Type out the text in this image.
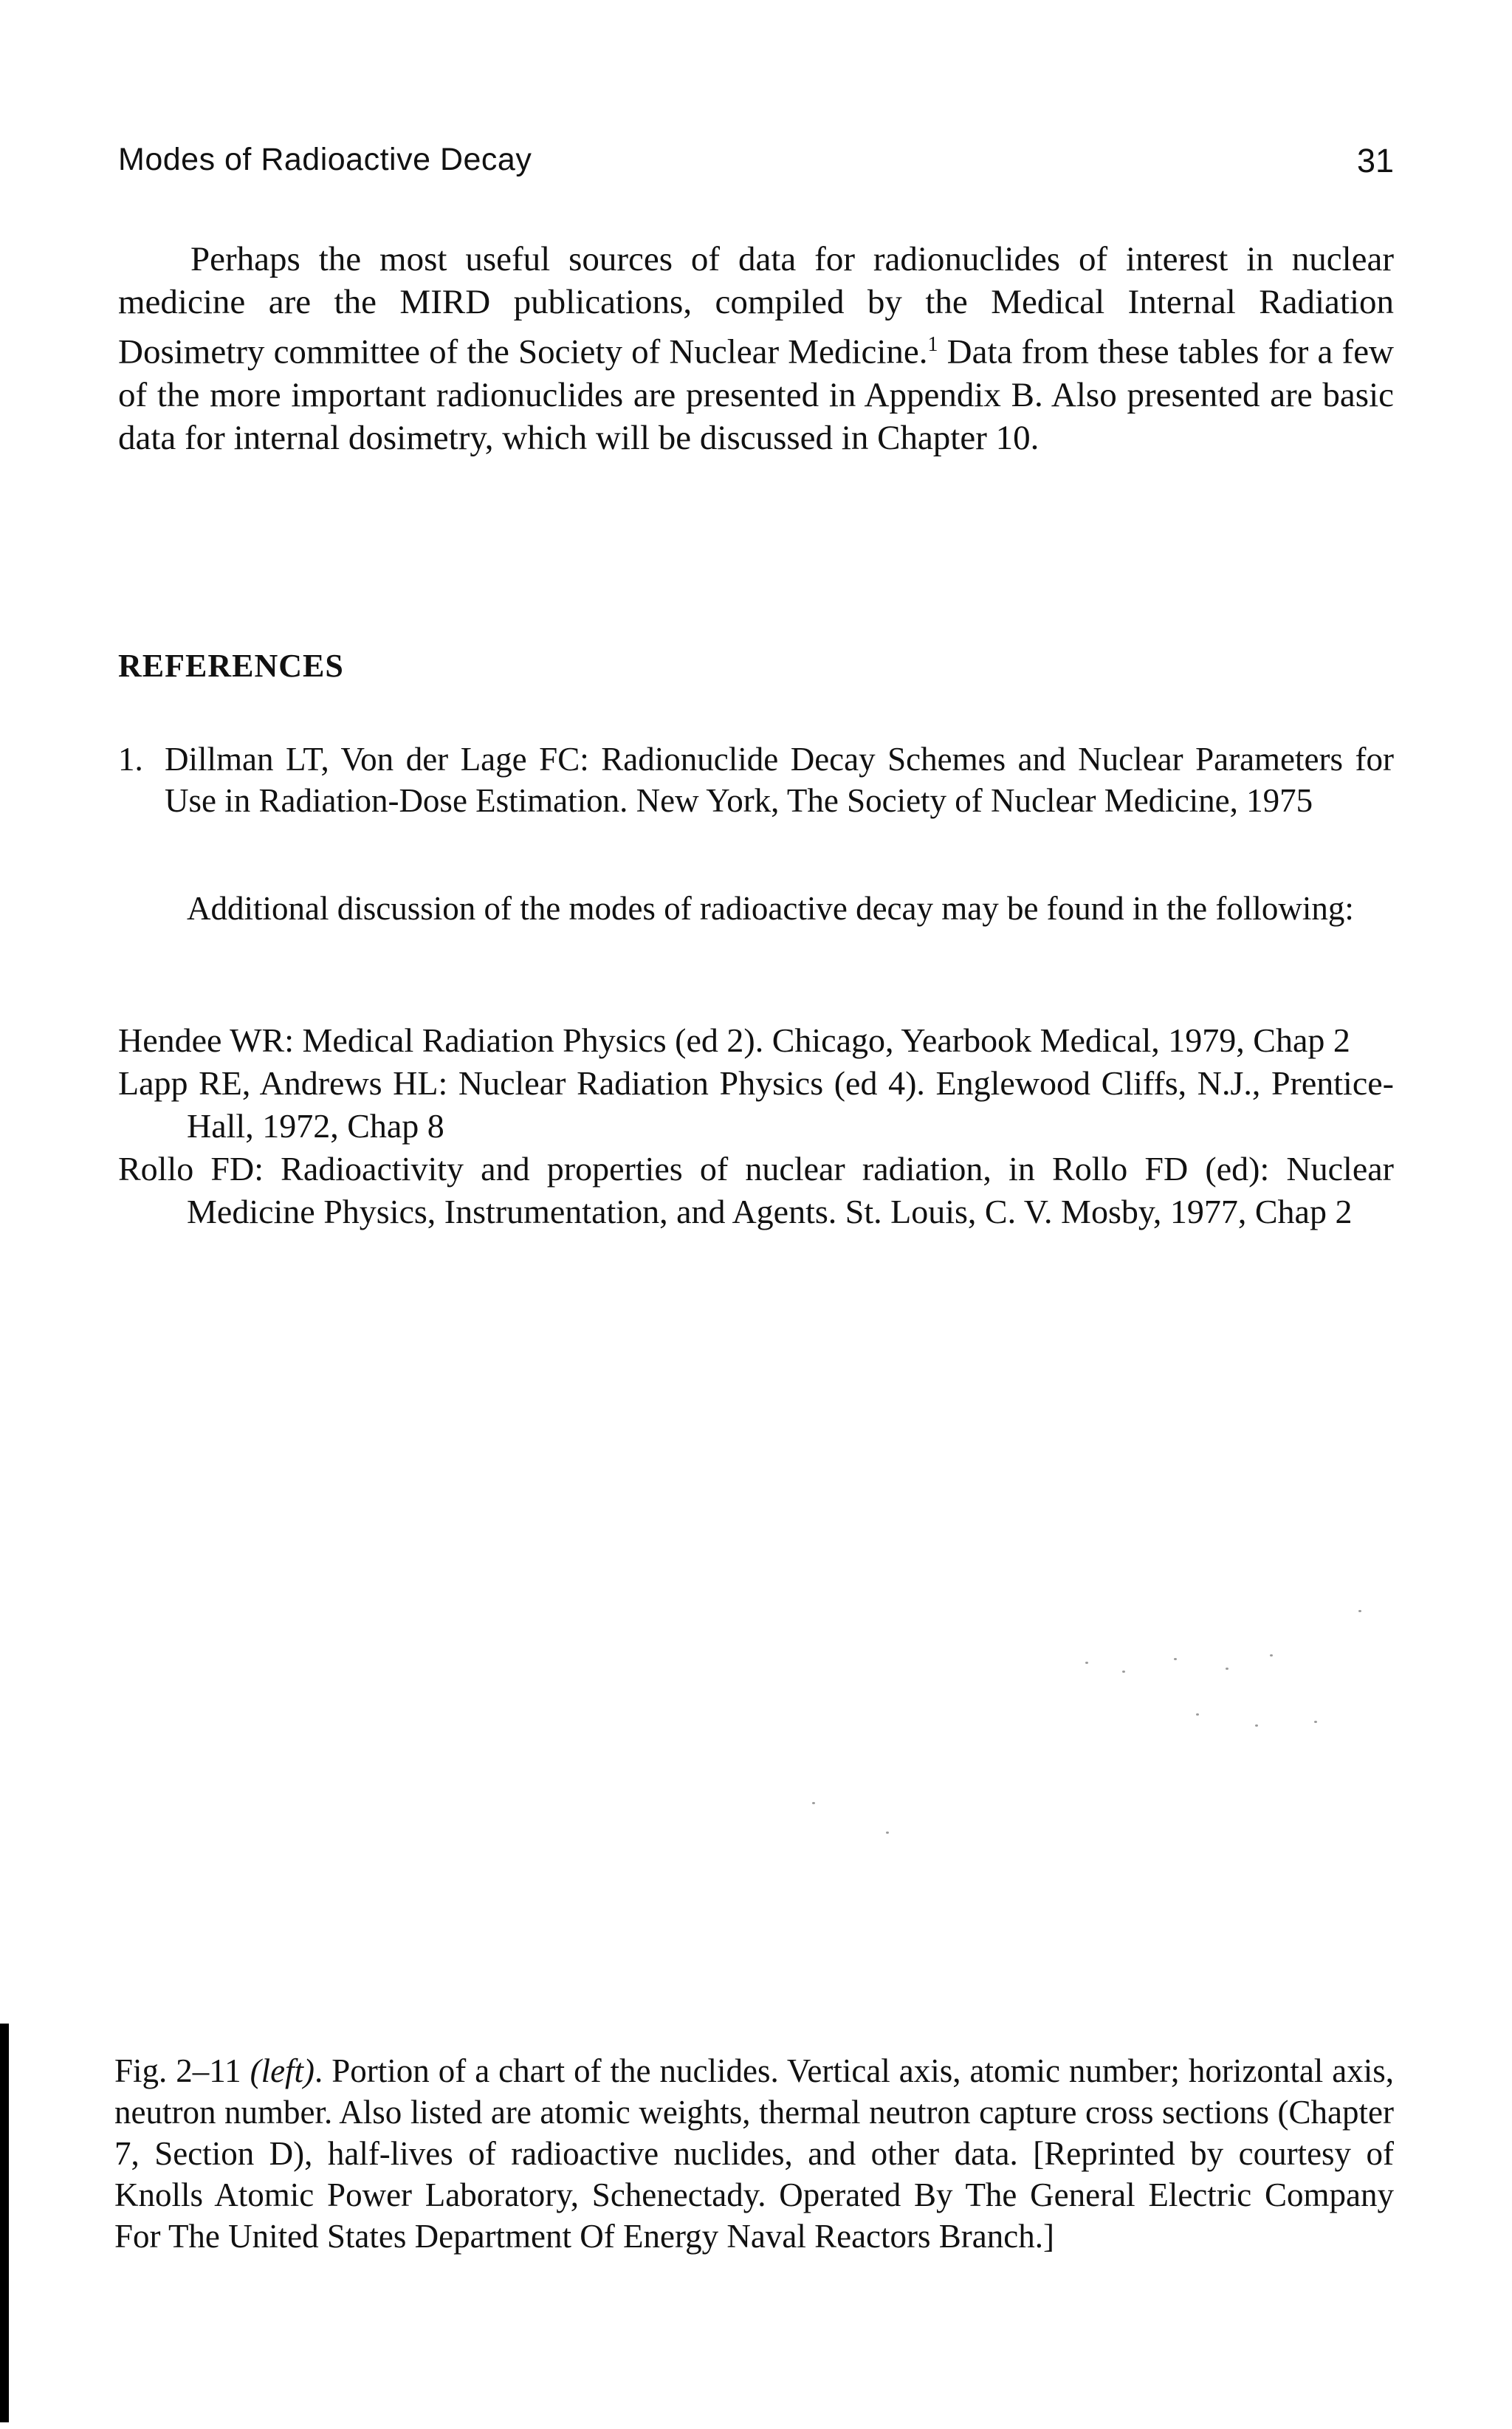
Modes of Radioactive Decay	31

Perhaps the most useful sources of data for radionuclides of interest in nuclear medicine are the MIRD publications, compiled by the Medical Internal Radiation Dosimetry committee of the Society of Nuclear Medicine.$^1$ Data from these tables for a few of the more important radionuclides are presented in Appendix B. Also presented are basic data for internal dosimetry, which will be discussed in Chapter 10.

REFERENCES
1. Dillman LT, Von der Lage FC: Radionuclide Decay Schemes and Nuclear Parameters for Use in Radiation-Dose Estimation. New York, The Society of Nuclear Medicine, 1975

Additional discussion of the modes of radioactive decay may be found in the following:

Hendee WR: Medical Radiation Physics (ed 2). Chicago, Yearbook Medical, 1979, Chap 2

Lapp RE, Andrews HL: Nuclear Radiation Physics (ed 4). Englewood Cliffs, N.J., Prentice-Hall, 1972, Chap 8

Rollo FD: Radioactivity and properties of nuclear radiation, in Rollo FD (ed): Nuclear Medicine Physics, Instrumentation, and Agents. St. Louis, C. V. Mosby, 1977, Chap 2

Fig. 2–11 (left). Portion of a chart of the nuclides. Vertical axis, atomic number; horizontal axis, neutron number. Also listed are atomic weights, thermal neutron capture cross sections (Chapter 7, Section D), half-lives of radioactive nuclides, and other data. [Reprinted by courtesy of Knolls Atomic Power Laboratory, Schenectady. Operated By The General Electric Company For The United States Department Of Energy Naval Reactors Branch.]
